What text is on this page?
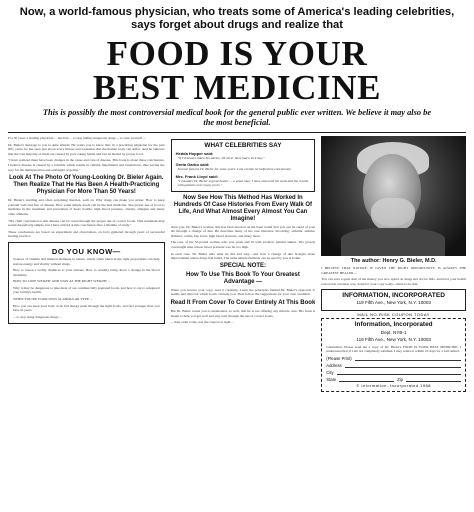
Now, a world-famous physician, who treats some of America's leading celebrities, says forget about drugs and realize that

FOOD IS YOUR
BEST MEDICINE

This is possibly the most controversial medical book for the general public ever written. We believe it may also be the most beneficial.

For 50 years a leading physician ... has had ... to stop taking dangerous drugs ... to cure yourself ...

Dr. Bieler's message to you is quite simple: He wants you to know that, in a practicing physician for the past fifty years, he has seen just about every illness and weakness that the human body can suffer. And he believes that the vast majority of them are caused by poor eating habits and can be healed by proper food.

"I have realized there have been changes in the cause and cure of disease. This book is about these conclusions. I believe disease is caused by a toxemia which results in cellular impairment and breakdown, thus paving the way for the multiplication and onslaught of germs."

Look At The Photo Of Young-Looking Dr. Bieler Again. Then Realize That He Has Been A Health-Practicing Physician For More Than 50 Years!

Dr. Bieler's startling and often surprising theories, such as: Why drugs can make you sicker. How to keep yourself well and free of disease. How some simple foods can be the best medicine. The proper use of food as medicine in the treatment and prevention of heart trouble, high blood pressure, obesity, allergies and many other ailments.

"My chief conclusion is that disease can be cured through the proper use of correct foods. This statement may sound deceptively simple, but I have arrived at this conclusion after a lifetime of study."

These conclusions are based on experiment and observation, on facts gathered through years of successful healing practice.

DO YOU KNOW—

Sources of vitamin and mineral elements in nature, which when taken in the right proportions can help restore energy and vitality without drugs.

How to fasten a bodily chemical to your arteries. How to actually bring about a change in the blood chemistry.

HOW TO LOSE WEIGHT AND STAY AT THE RIGHT WEIGHT ...

Why it may be dangerous to take most of our commercially prepared foods, and how to eat to safeguard your family's health.

WHEN YOU'RE YOUR OWN GLANDULAR TYPE ...

How you can keep your body at its full energy peak through the right foods, and feel younger than you have in years.

... to stop using dangerous drugs ...

WHAT CELEBRITIES SAY

Hedda Hopper said:

"If I'd always taken his advice, I'd never have had a sick day."

Greta Garbo said:

Several famous Dr. Bieler for some years. I am certain he helped me enormously.

Mrs. Frank Lloyd said:

"I consider Dr. Bieler a great healer — a great man. I have observed his work and the results with patients over many years."

Now See How This Method Has Worked In Hundreds Of Case Histories From Every Walk Of Life, And What Almost Every Almost You Can Imagine!

Once you, Dr. Bieler's women, this has been devoted on his basic belief that you can be cured of your ills through a change of diet. He describes many of his case histories, involving: arthritis, asthma, diabetes, colitis, hay fever, high blood pressure, and many more.

The case of the 55-pound woman who was weak and ill with swollen, painful ankles. The grossly overweight man whose blood pressure was far too high.

In each case, Dr. Bieler tells what he did and why—and how a change of diet brought about improvement where drugs had failed. The same simple methods can be used by you at home.

SPECIAL NOTE:

How To Use This Book To Your Greatest Advantage —

When you receive your copy, read it carefully. Learn the principles behind Dr. Bieler's approach to health, and discover which foods can help you. Then follow the suggestions for your own condition.

Read It From Cover To Cover Entirely At This Book

But Dr. Bieler wants you to understand, as well, that he is not offering any miracle cure. His book is meant to help you get well and stay well through the use of correct foods.

... then order today, use the coupon at right ...

The author: Henry G. Bieler, M.D.

I BELIEVE THAT NATURE, IF GIVEN THE RIGHT OPPORTUNITY, IS ALWAYS THE GREATEST HEALER ...

You can save a great deal of the money you now spend on drugs and doctor bills, and have your health restored in a natural way. Send for your copy today—there is no risk.

INFORMATION, INCORPORATED

119 Fifth Ave., New York, N.Y. 10003

MAIL NO-RISK COUPON TODAY

Information, Incorporated

Dept. NYB-1

119 Fifth Ave., New York, N.Y. 10003

Gentlemen: Please send me a copy of Dr. Bieler's FOOD IS YOUR BEST MEDICINE. I understand that if I am not completely satisfied, I may return it within 10 days for a full refund.

(Please Print)
Address
City
State	Zip

© Information, Incorporated 1968
